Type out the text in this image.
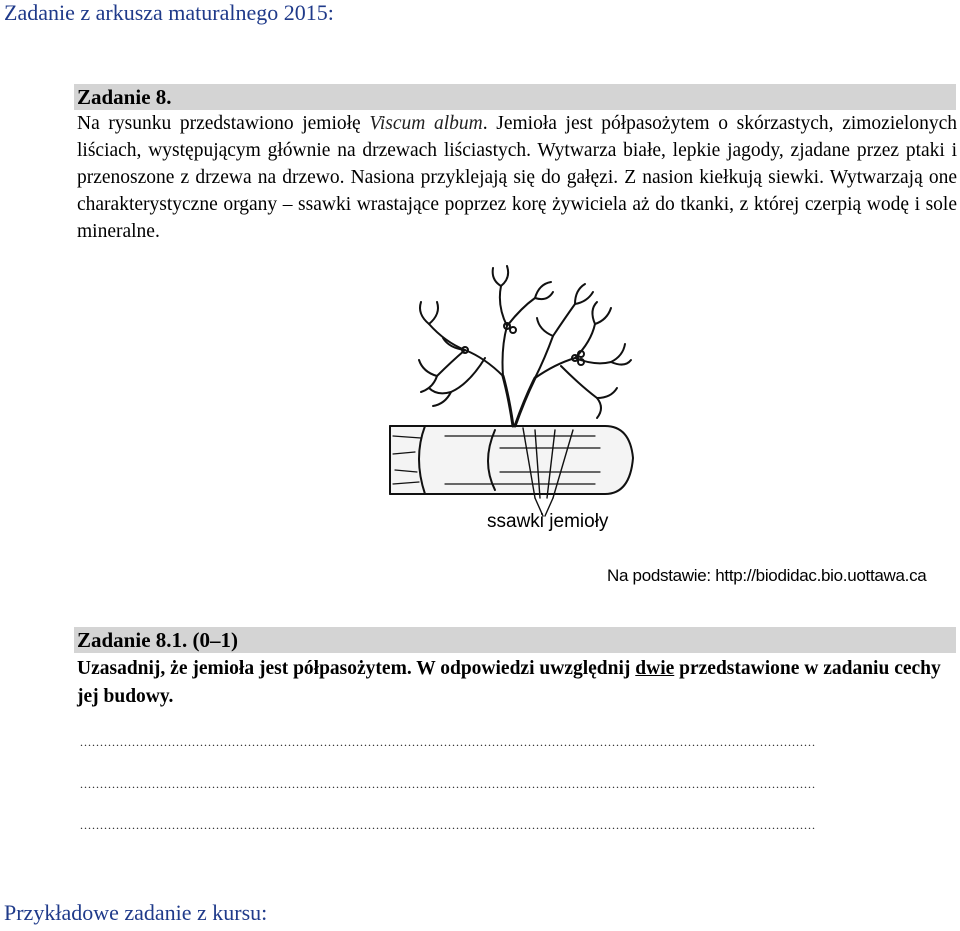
Zadanie z arkusza maturalnego 2015:
Zadanie 8.
Na rysunku przedstawiono jemiołę Viscum album. Jemioła jest półpasożytem o skórzastych, zimozielonych liściach, występującym głównie na drzewach liściastych. Wytwarza białe, lepkie jagody, zjadane przez ptaki i przenoszone z drzewa na drzewo. Nasiona przyklejają się do gałęzi. Z nasion kiełkują siewki. Wytwarzają one charakterystyczne organy – ssawki wrastające poprzez korę żywiciela aż do tkanki, z której czerpią wodę i sole mineralne.
ssawki jemioły
Na podstawie: http://biodidac.bio.uottawa.ca
Zadanie 8.1. (0–1)
Uzasadnij, że jemioła jest półpasożytem. W odpowiedzi uwzględnij dwie przedstawione w zadaniu cechy jej budowy.
........................................................................................................................................................................................
........................................................................................................................................................................................
........................................................................................................................................................................................
Przykładowe zadanie z kursu:
